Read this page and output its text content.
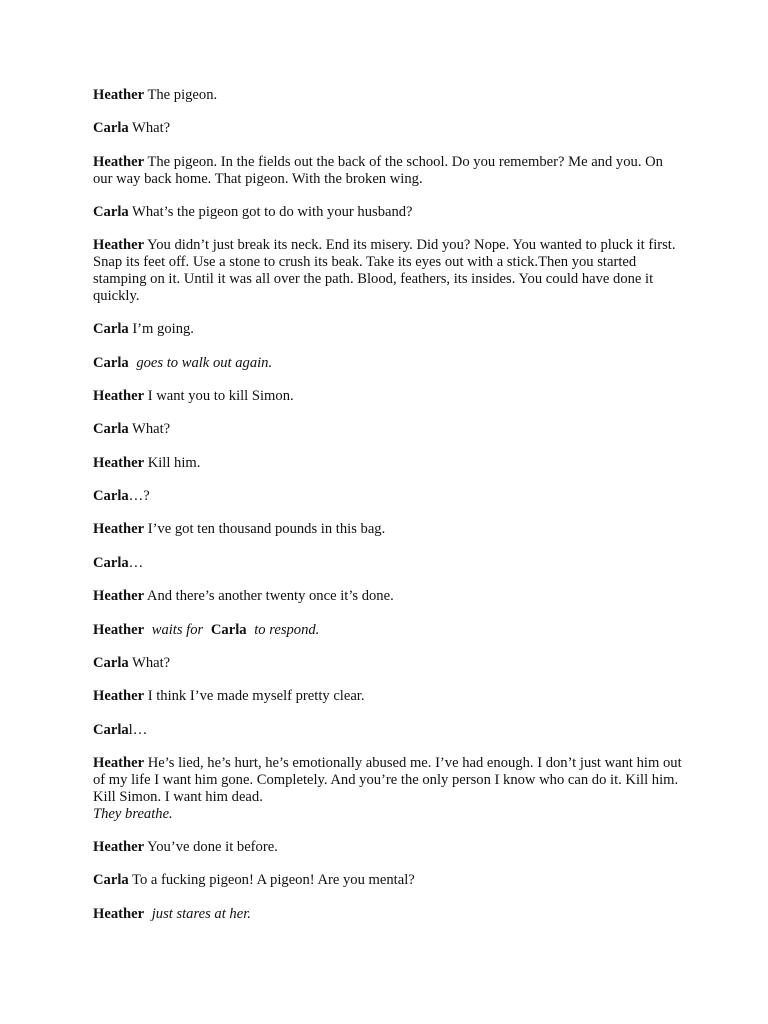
Heather The pigeon.

Carla What?

Heather The pigeon. In the fields out the back of the school. Do you remember? Me and you. On our way back home. That pigeon. With the broken wing.

Carla What’s the pigeon got to do with your husband?

Heather You didn’t just break its neck. End its misery. Did you? Nope. You wanted to pluck it first. Snap its feet off. Use a stone to crush its beak. Take its eyes out with a stick.Then you started stamping on it. Until it was all over the path. Blood, feathers, its insides. You could have done it quickly.

Carla I’m going.

Carla goes to walk out again.

Heather I want you to kill Simon.

Carla What?

Heather Kill him.

Carla…?

Heather I’ve got ten thousand pounds in this bag.

Carla…

Heather And there’s another twenty once it’s done.

Heather waits for Carla to respond.

Carla What?

Heather I think I’ve made myself pretty clear.

Carlal…

Heather He’s lied, he’s hurt, he’s emotionally abused me. I’ve had enough. I don’t just want him out of my life I want him gone. Completely. And you’re the only person I know who can do it. Kill him. Kill Simon. I want him dead.
They breathe.

Heather You’ve done it before.

Carla To a fucking pigeon! A pigeon! Are you mental?

Heather just stares at her.
